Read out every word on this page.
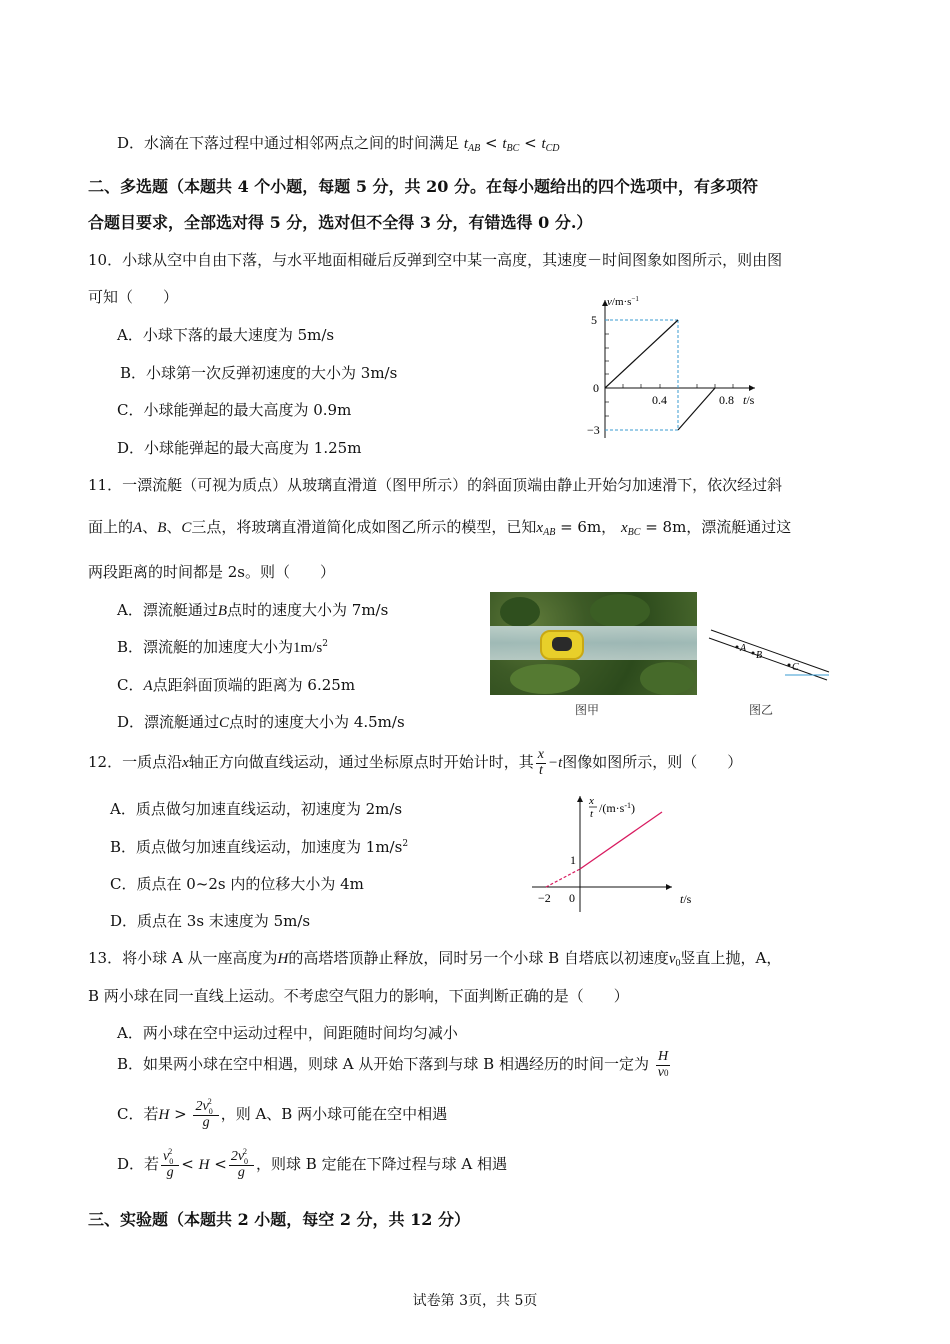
D．水滴在下落过程中通过相邻两点之间的时间满足 $t_{AB} < t_{BC} < t_{CD}$
二、多选题（本题共 4 个小题，每题 5 分，共 20 分。在每小题给出的四个选项中，有多项符
合题目要求，全部选对得 5 分，选对但不全得 3 分，有错选得 0 分.）
10．小球从空中自由下落，与水平地面相碰后反弹到空中某一高度，其速度－时间图象如图所示，则由图
可知（　　）
A．小球下落的最大速度为 5m/s
B．小球第一次反弹初速度的大小为 3m/s
C．小球能弹起的最大高度为 0.9m
D．小球能弹起的最大高度为 1.25m
$v/m\cdot s^{-1}$
5
0
−3
0.4	0.8 t/s
11．一漂流艇（可视为质点）从玻璃直滑道（图甲所示）的斜面顶端由静止开始匀加速滑下，依次经过斜
面上的A、B、C三点，将玻璃直滑道简化成如图乙所示的模型，已知$x_{AB} = 6m$， $x_{BC} = 8m$，漂流艇通过这
两段距离的时间都是 2s。则（　　）
A．漂流艇通过B点时的速度大小为 7m/s
B．漂流艇的加速度大小为$1m/s^2$
C．A点距斜面顶端的距离为 6.25m
D．漂流艇通过C点时的速度大小为 4.5m/s
图甲
A
B
C
图乙
12．一质点沿x轴正方向做直线运动，通过坐标原点时开始计时，其 $\frac{x}{t} -t$图像如图所示，则（　　）
A．质点做匀加速直线运动，初速度为 2m/s
B．质点做匀加速直线运动，加速度为 $1m/s^2$
C．质点在 0~2s 内的位移大小为 4m
D．质点在 3s 末速度为 5m/s
x
t $/(m\cdot s^{-1})$
1
−2 0	t/s
13．将小球 A 从一座高度为H的高塔塔顶静止释放，同时另一个小球 B 自塔底以初速度$v_0$竖直上抛，A，
B 两小球在同一直线上运动。不考虑空气阻力的影响，下面判断正确的是（　　）
A．两小球在空中运动过程中，间距随时间均匀减小
B．如果两小球在空中相遇，则球 A 从开始下落到与球 B 相遇经历的时间一定为 $\frac{H}{v0}$
C．若$H > \frac{2v_0^2}{g}$ ，则 A、B 两小球可能在空中相遇
D．若 $\frac{v_0^2}{g} < H < \frac{2v_0^2}{g}$ ，则球 B 定能在下降过程与球 A 相遇
三、实验题（本题共 2 小题，每空 2 分，共 12 分）
试卷第 3页，共 5页
